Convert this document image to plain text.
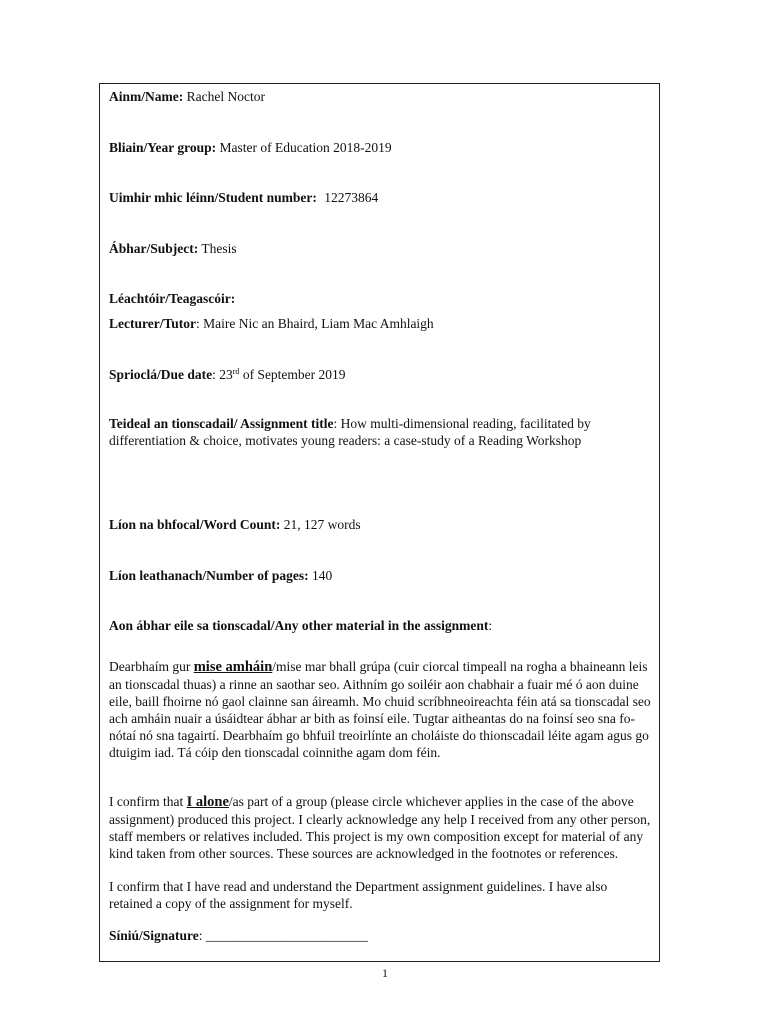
Ainm/Name: Rachel Noctor
Bliain/Year group: Master of Education 2018-2019
Uimhir mhic léinn/Student number: 12273864
Ábhar/Subject: Thesis
Léachtóir/Teagascóir:
Lecturer/Tutor: Maire Nic an Bhaird, Liam Mac Amhlaigh
Sprioclá/Due date: 23rd of September 2019
Teideal an tionscadail/ Assignment title: How multi-dimensional reading, facilitated by differentiation & choice, motivates young readers: a case-study of a Reading Workshop
Líon na bhfocal/Word Count: 21, 127 words
Líon leathanach/Number of pages: 140
Aon ábhar eile sa tionscadal/Any other material in the assignment:
Dearbhaím gur mise amháin/mise mar bhall grúpa (cuir ciorcal timpeall na rogha a bhaineann leis an tionscadal thuas) a rinne an saothar seo. Aithním go soiléir aon chabhair a fuair mé ó aon duine eile, baill fhoirne nó gaol clainne san áireamh. Mo chuid scríbhneoireachta féin atá sa tionscadal seo ach amháin nuair a úsáidtear ábhar ar bith as foinsí eile. Tugtar aitheantas do na foinsí seo sna fo-nótaí nó sna tagairtí. Dearbhaím go bhfuil treoirlínte an choláiste do thionscadail léite agam agus go dtuigim iad. Tá cóip den tionscadal coinnithe agam dom féin.
I confirm that I alone/as part of a group (please circle whichever applies in the case of the above assignment) produced this project. I clearly acknowledge any help I received from any other person, staff members or relatives included. This project is my own composition except for material of any kind taken from other sources. These sources are acknowledged in the footnotes or references.
I confirm that I have read and understand the Department assignment guidelines. I have also retained a copy of the assignment for myself.
Síniú/Signature: ________________________
1
